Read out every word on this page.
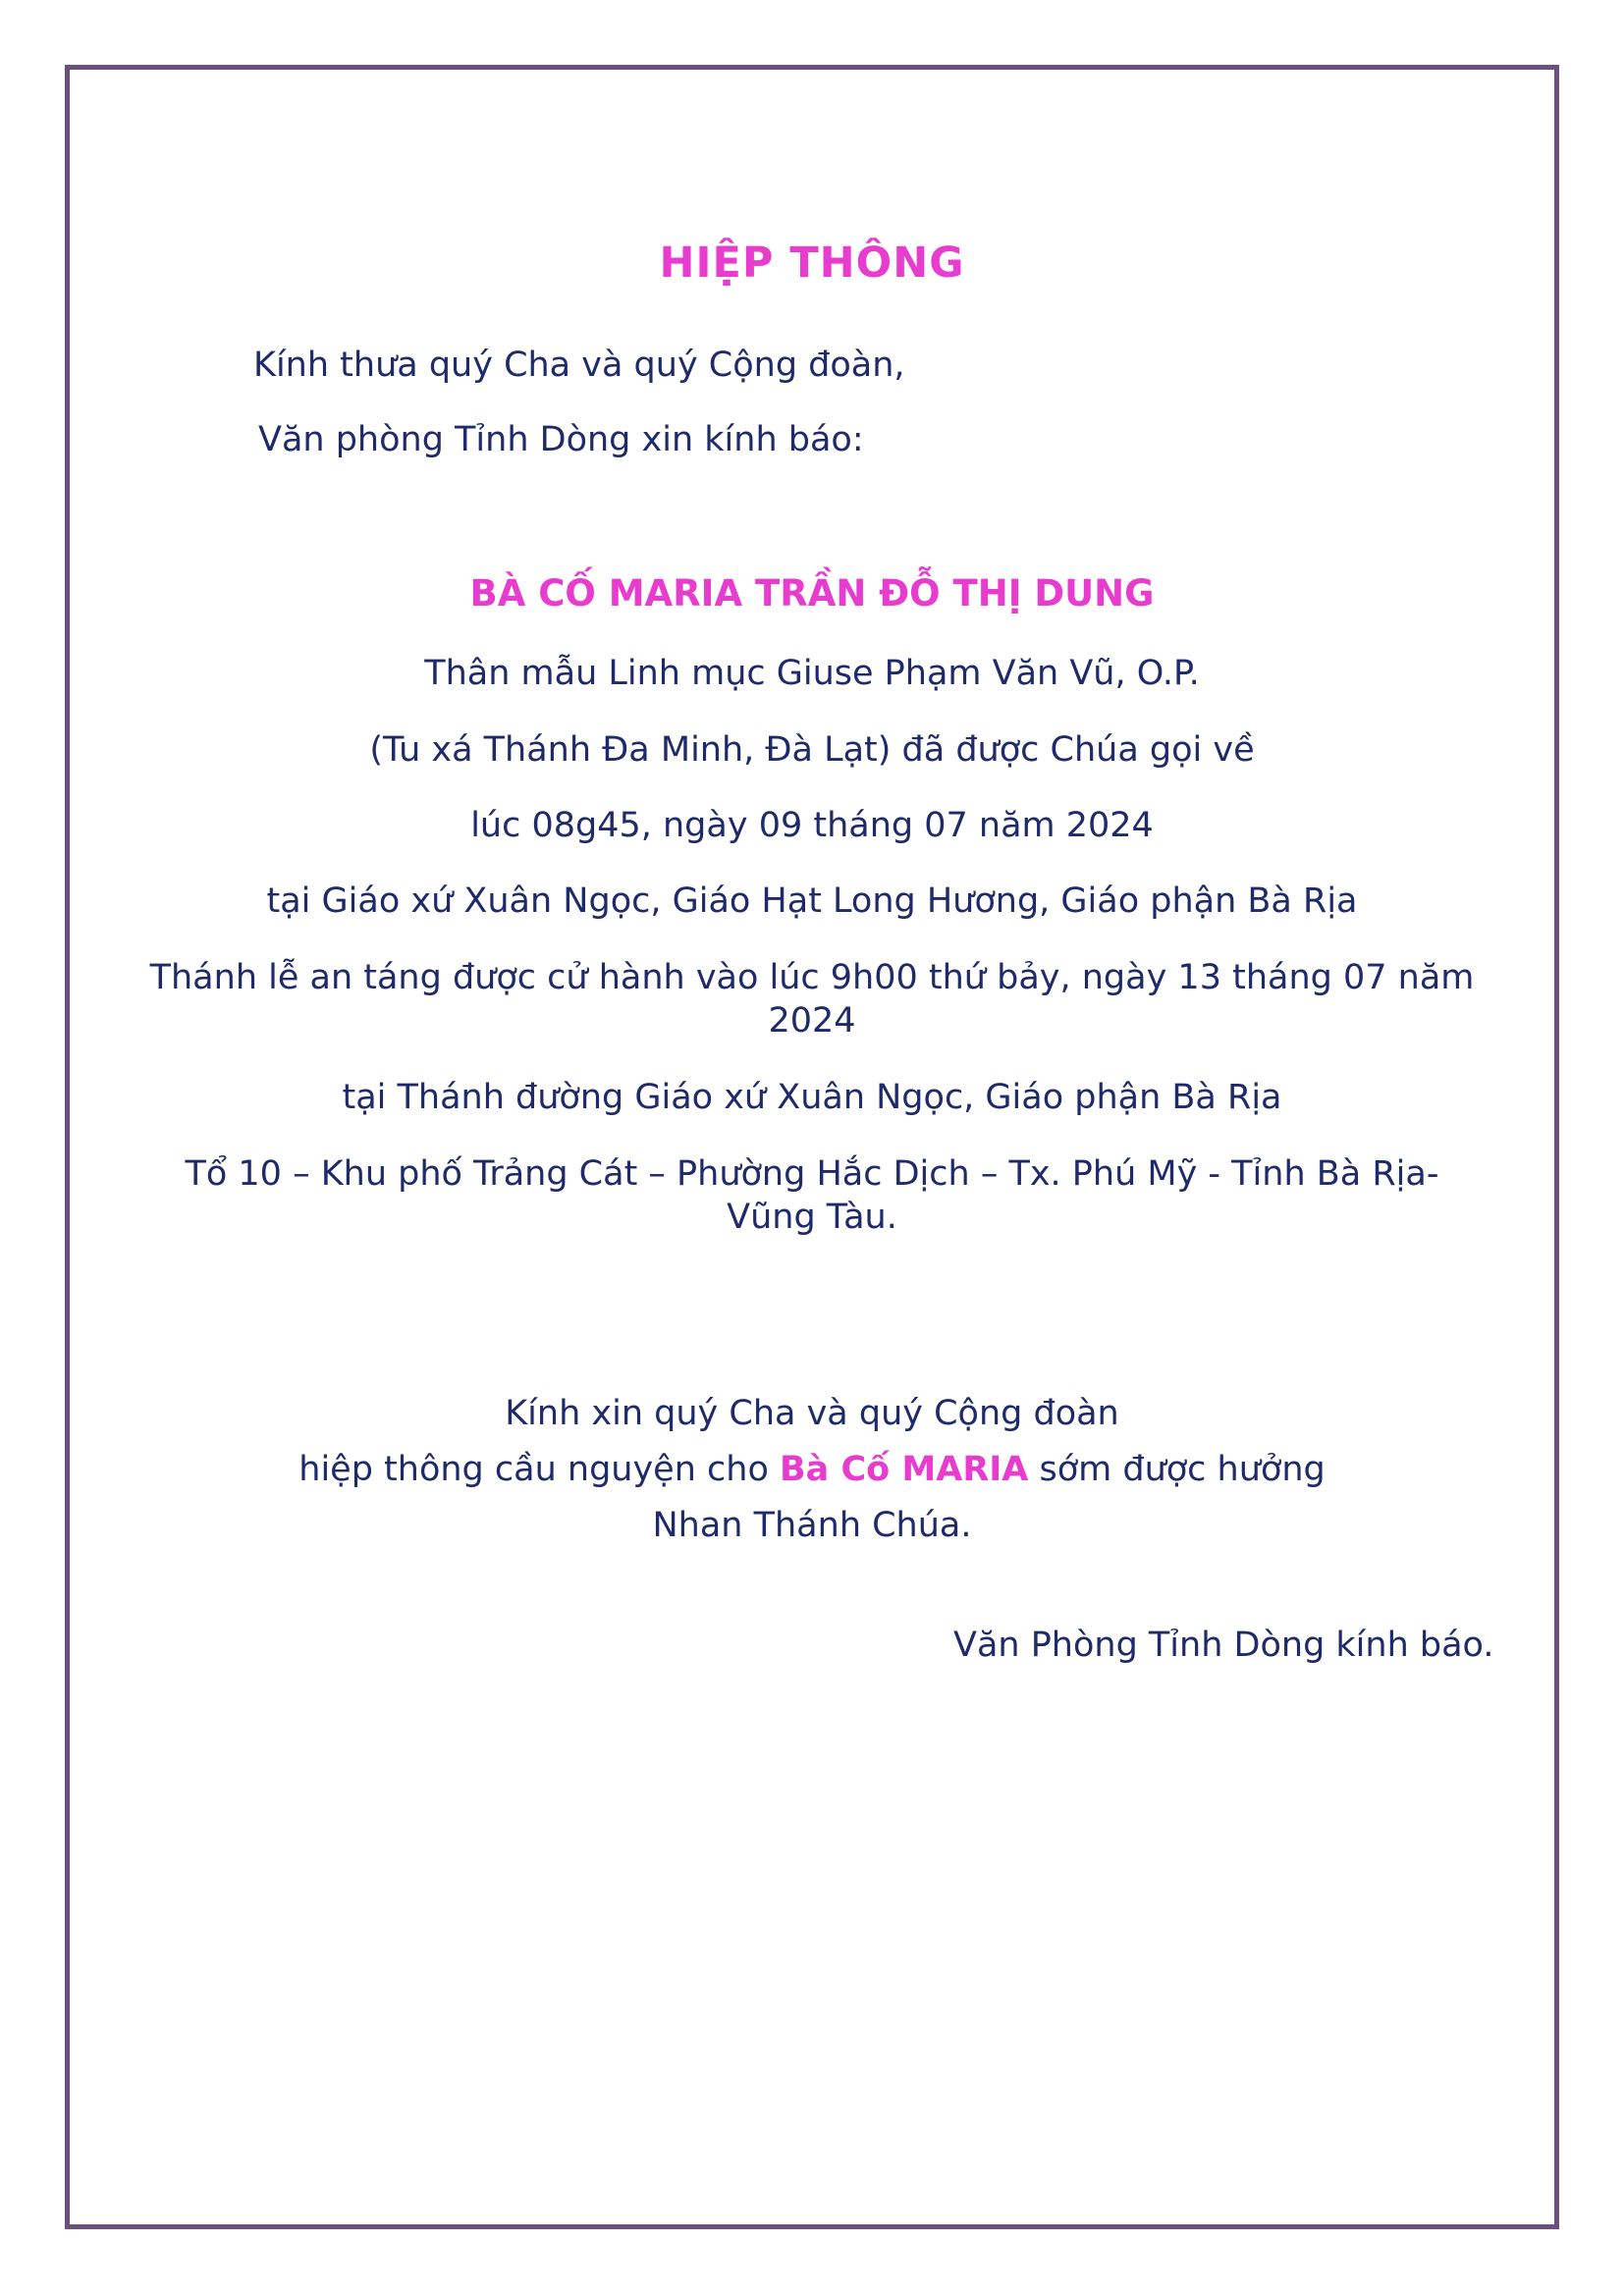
HIỆP THÔNG
Kính thưa quý Cha và quý Cộng đoàn,
Văn phòng Tỉnh Dòng xin kính báo:
BÀ CỐ MARIA TRẦN ĐỖ THỊ DUNG
Thân mẫu Linh mục Giuse Phạm Văn Vũ, O.P.
(Tu xá Thánh Đa Minh, Đà Lạt) đã được Chúa gọi về
lúc 08g45, ngày 09 tháng 07 năm 2024
tại Giáo xứ Xuân Ngọc, Giáo Hạt Long Hương, Giáo phận Bà Rịa
Thánh lễ an táng được cử hành vào lúc 9h00 thứ bảy, ngày 13 tháng 07 năm
2024
tại Thánh đường Giáo xứ Xuân Ngọc, Giáo phận Bà Rịa
Tổ 10 – Khu phố Trảng Cát – Phường Hắc Dịch – Tx. Phú Mỹ - Tỉnh Bà Rịa-
Vũng Tàu.
Kính xin quý Cha và quý Cộng đoàn
hiệp thông cầu nguyện cho Bà Cố MARIA sớm được hưởng
Nhan Thánh Chúa.
Văn Phòng Tỉnh Dòng kính báo.
